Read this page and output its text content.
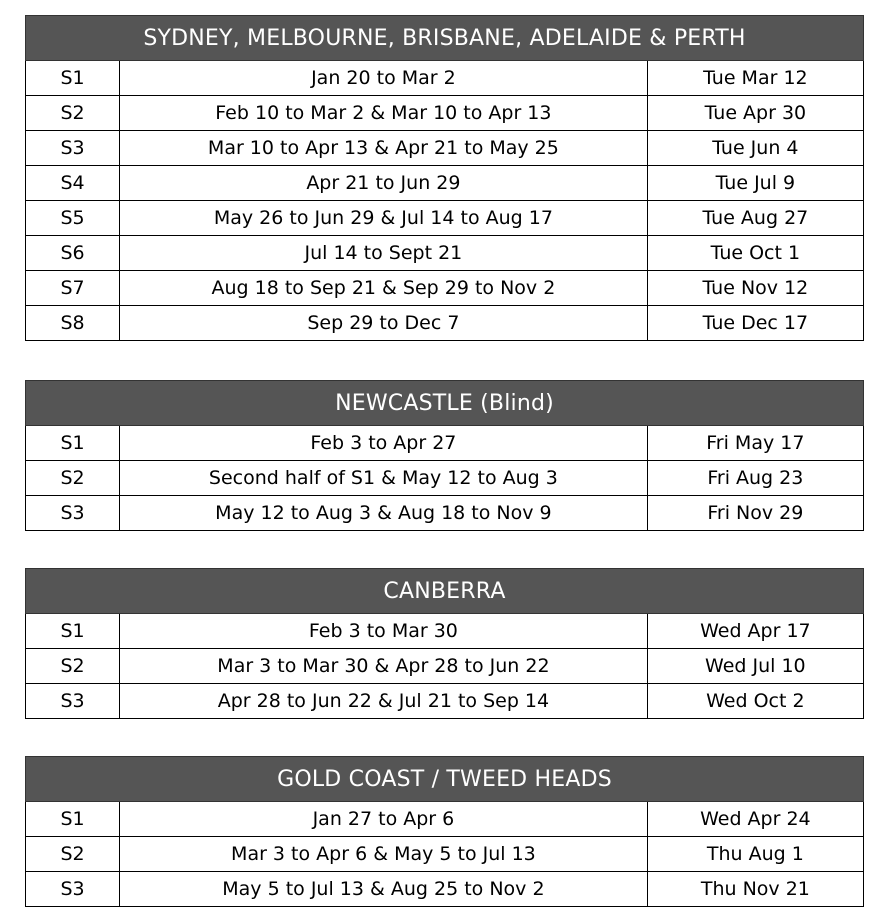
SYDNEY, MELBOURNE, BRISBANE, ADELAIDE & PERTH		
S1	Jan 20 to Mar 2	Tue Mar 12
S2	Feb 10 to Mar 2 & Mar 10 to Apr 13	Tue Apr 30
S3	Mar 10 to Apr 13 & Apr 21 to May 25	Tue Jun 4
S4	Apr 21 to Jun 29	Tue Jul 9
S5	May 26 to Jun 29 & Jul 14 to Aug 17	Tue Aug 27
S6	Jul 14 to Sept 21	Tue Oct 1
S7	Aug 18 to Sep 21 & Sep 29 to Nov 2	Tue Nov 12
S8	Sep 29 to Dec 7	Tue Dec 17
NEWCASTLE (Blind)		
S1	Feb 3 to Apr 27	Fri May 17
S2	Second half of S1 & May 12 to Aug 3	Fri Aug 23
S3	May 12 to Aug 3 & Aug 18 to Nov 9	Fri Nov 29
CANBERRA		
S1	Feb 3 to Mar 30	Wed Apr 17
S2	Mar 3 to Mar 30 & Apr 28 to Jun 22	Wed Jul 10
S3	Apr 28 to Jun 22 & Jul 21 to Sep 14	Wed Oct 2
GOLD COAST / TWEED HEADS		
S1	Jan 27 to Apr 6	Wed Apr 24
S2	Mar 3 to Apr 6 & May 5 to Jul 13	Thu Aug 1
S3	May 5 to Jul 13 & Aug 25 to Nov 2	Thu Nov 21
